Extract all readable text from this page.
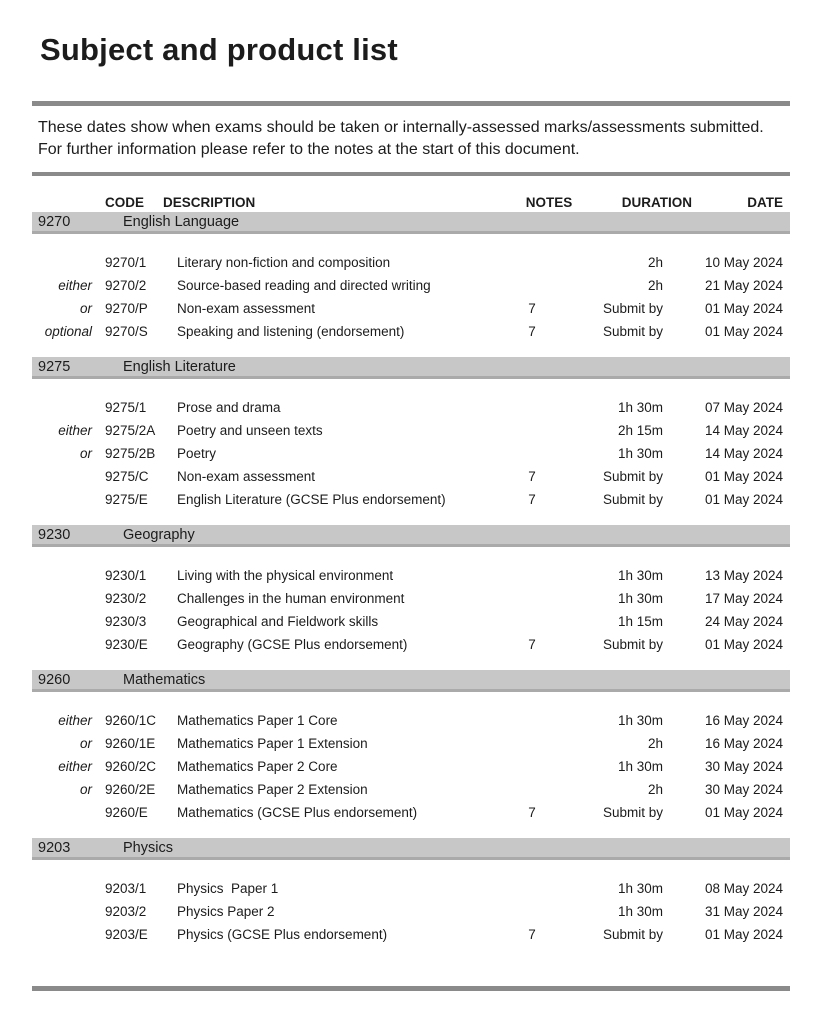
Subject and product list

These dates show when exams should be taken or internally-assessed marks/assessments submitted.  For further information please refer to the notes at the start of this document.

CODE	DESCRIPTION	NOTES	DURATION	DATE
9270	English Language
9270/1	Literary non-fiction and composition	2h	10 May 2024
either 9270/2	Source-based reading and directed writing	2h	21 May 2024
or 9270/P	Non-exam assessment	7	Submit by	01 May 2024
optional 9270/S	Speaking and listening (endorsement)	7	Submit by	01 May 2024
9275	English Literature
9275/1	Prose and drama	1h 30m	07 May 2024
either 9275/2A	Poetry and unseen texts	2h 15m	14 May 2024
or 9275/2B	Poetry	1h 30m	14 May 2024
9275/C	Non-exam assessment	7	Submit by	01 May 2024
9275/E	English Literature (GCSE Plus endorsement)	7	Submit by	01 May 2024
9230	Geography
9230/1	Living with the physical environment	1h 30m	13 May 2024
9230/2	Challenges in the human environment	1h 30m	17 May 2024
9230/3	Geographical and Fieldwork skills	1h 15m	24 May 2024
9230/E	Geography (GCSE Plus endorsement)	7	Submit by	01 May 2024
9260	Mathematics
either 9260/1C	Mathematics Paper 1 Core	1h 30m	16 May 2024
or 9260/1E	Mathematics Paper 1 Extension	2h	16 May 2024
either 9260/2C	Mathematics Paper 2 Core	1h 30m	30 May 2024
or 9260/2E	Mathematics Paper 2 Extension	2h	30 May 2024
9260/E	Mathematics (GCSE Plus endorsement)	7	Submit by	01 May 2024
9203	Physics
9203/1	Physics  Paper 1	1h 30m	08 May 2024
9203/2	Physics Paper 2	1h 30m	31 May 2024
9203/E	Physics (GCSE Plus endorsement)	7	Submit by	01 May 2024
